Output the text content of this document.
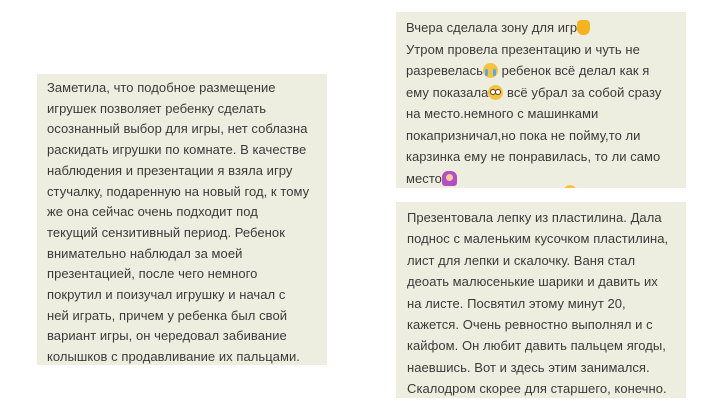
Заметила, что подобное размещение
игрушек позволяет ребенку сделать
осознанный выбор для игры, нет соблазна
раскидать игрушки по комнате. В качестве
наблюдения и презентации я взяла игру
стучалку, подаренную на новый год, к тому
же она сейчас очень подходит под
текущий сензитивный период. Ребенок
внимательно наблюдал за моей
презентацией, после чего немного
покрутил и поизучал игрушку и начал с
ней играть, причем у ребенка был свой
вариант игры, он чередовал забивание
колышков с продавливание их пальцами.
Вчера сделала зону для игр
Утром провела презентацию и чуть не
разревелась ребенок всё делал как я
ему показала всё убрал за собой сразу
на место.немного с машинками
покапризничал,но пока не пойму,то ли
карзинка ему не понравилась, то ли само
место
Презентовала лепку из пластилина. Дала
поднос с маленьким кусочком пластилина,
лист для лепки и скалочку. Ваня стал
деоать малюсенькие шарики и давить их
на листе. Посвятил этому минут 20,
кажется. Очень ревностно выполнял и с
кайфом. Он любит давить пальцем ягоды,
наевшись. Вот и здесь этим занимался.
Скалодром скорее для старшего, конечно.
